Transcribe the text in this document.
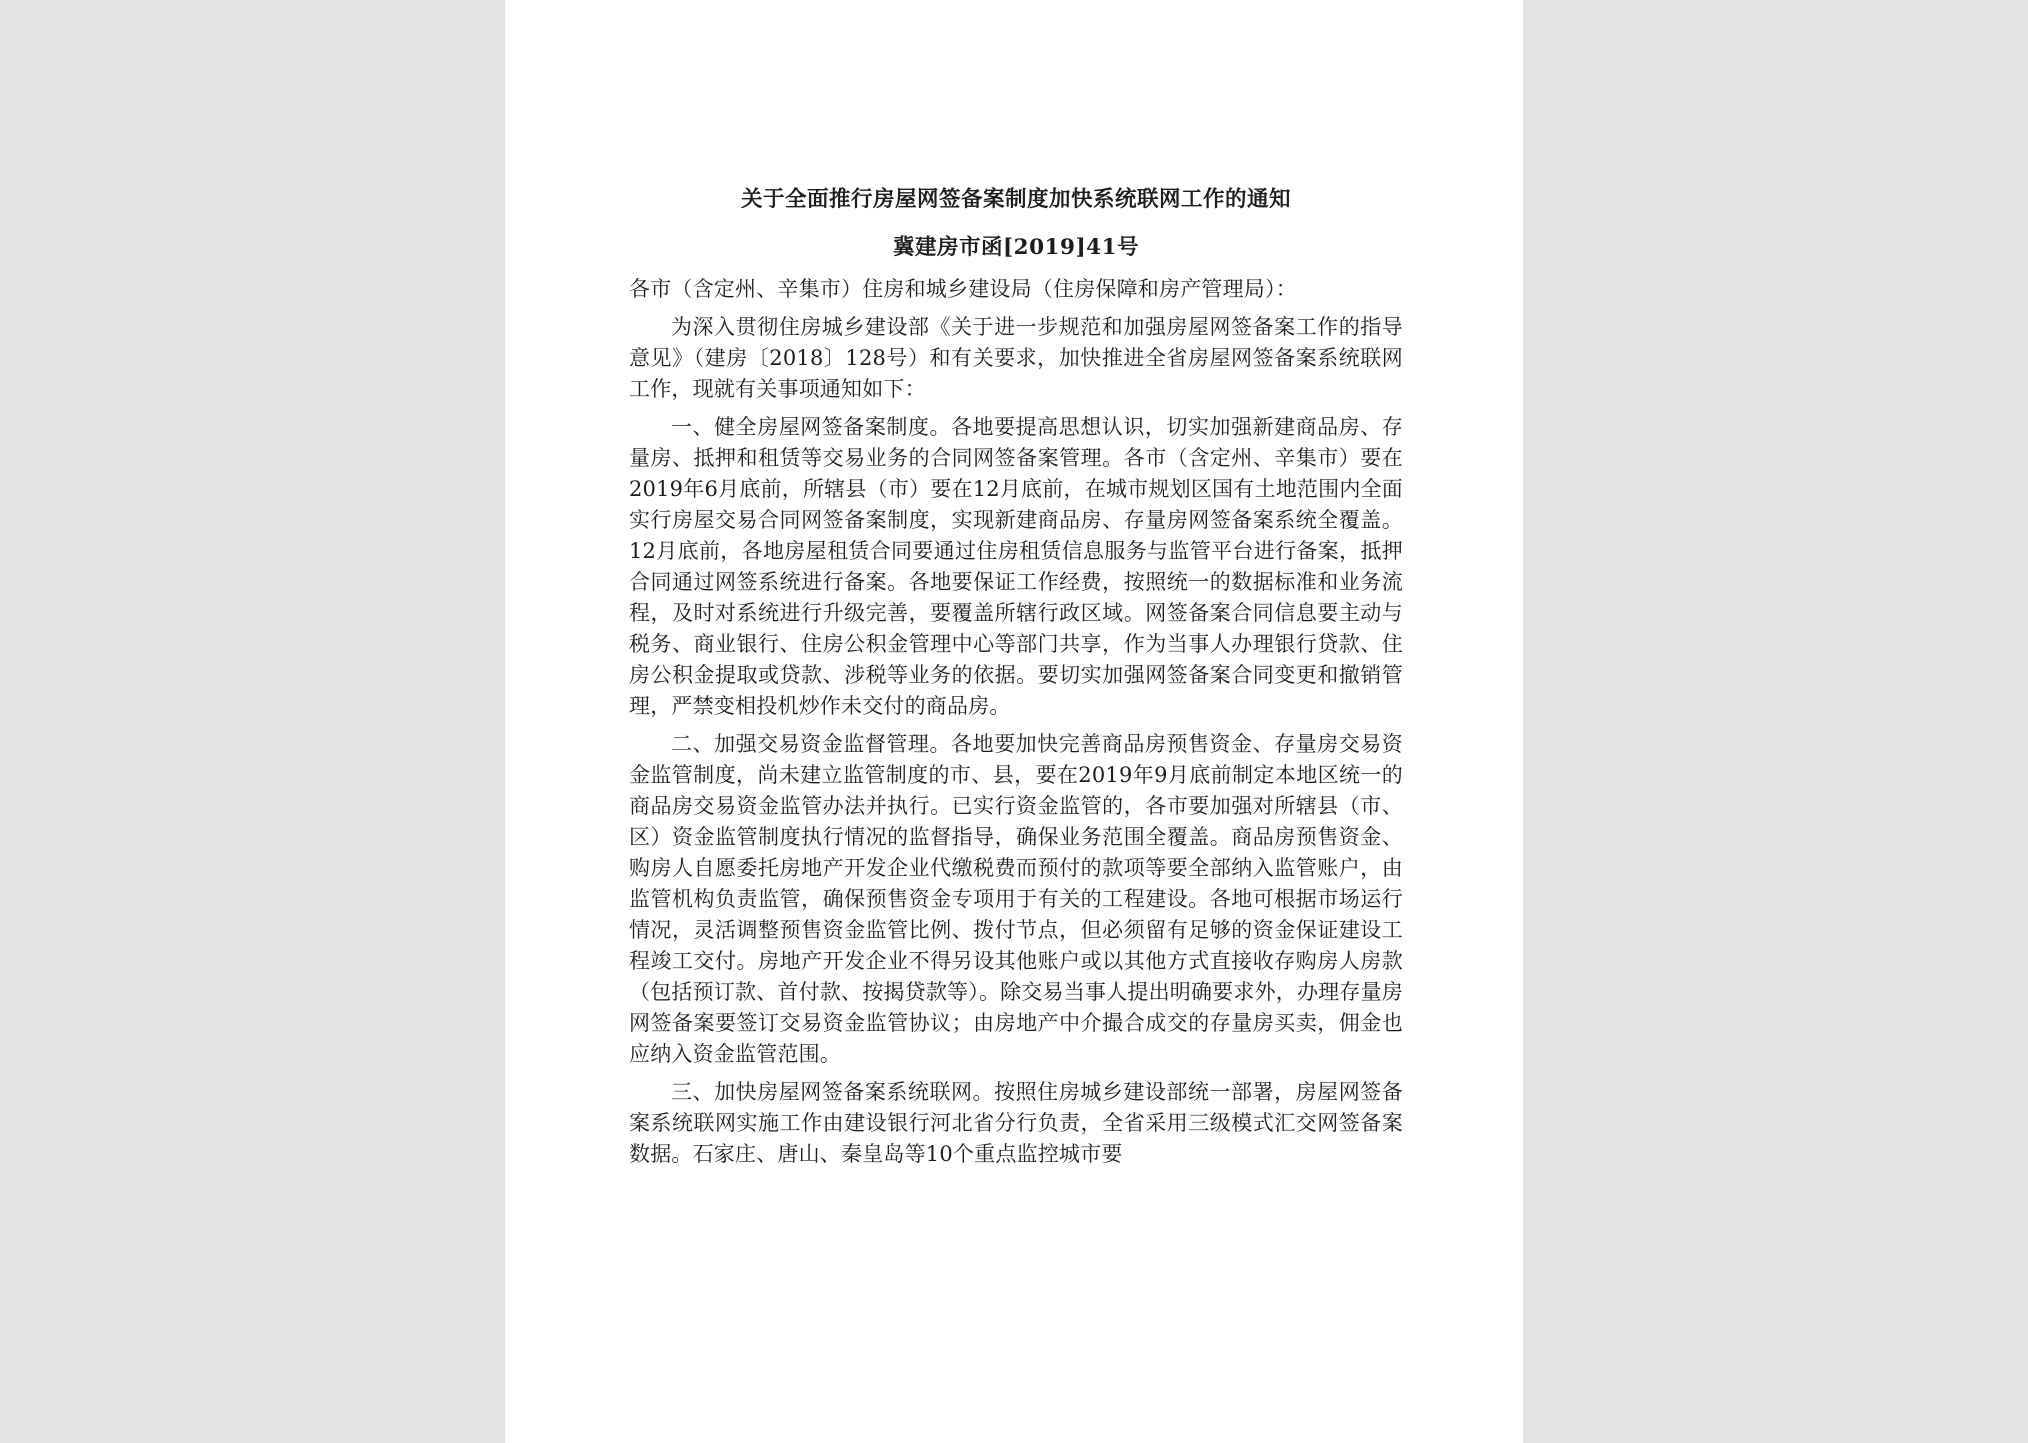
关于全面推行房屋网签备案制度加快系统联网工作的通知
冀建房市函[2019]41号
各市（含定州、辛集市）住房和城乡建设局（住房保障和房产管理局）：
为深入贯彻住房城乡建设部《关于进一步规范和加强房屋网签备案工作的指导意见》（建房〔2018〕128号）和有关要求，加快推进全省房屋网签备案系统联网工作，现就有关事项通知如下：
一、健全房屋网签备案制度。各地要提高思想认识，切实加强新建商品房、存量房、抵押和租赁等交易业务的合同网签备案管理。各市（含定州、辛集市）要在2019年6月底前，所辖县（市）要在12月底前，在城市规划区国有土地范围内全面实行房屋交易合同网签备案制度，实现新建商品房、存量房网签备案系统全覆盖。12月底前，各地房屋租赁合同要通过住房租赁信息服务与监管平台进行备案，抵押合同通过网签系统进行备案。各地要保证工作经费，按照统一的数据标准和业务流程，及时对系统进行升级完善，要覆盖所辖行政区域。网签备案合同信息要主动与税务、商业银行、住房公积金管理中心等部门共享，作为当事人办理银行贷款、住房公积金提取或贷款、涉税等业务的依据。要切实加强网签备案合同变更和撤销管理，严禁变相投机炒作未交付的商品房。
二、加强交易资金监督管理。各地要加快完善商品房预售资金、存量房交易资金监管制度，尚未建立监管制度的市、县，要在2019年9月底前制定本地区统一的商品房交易资金监管办法并执行。已实行资金监管的，各市要加强对所辖县（市、区）资金监管制度执行情况的监督指导，确保业务范围全覆盖。商品房预售资金、购房人自愿委托房地产开发企业代缴税费而预付的款项等要全部纳入监管账户，由监管机构负责监管，确保预售资金专项用于有关的工程建设。各地可根据市场运行情况，灵活调整预售资金监管比例、拨付节点，但必须留有足够的资金保证建设工程竣工交付。房地产开发企业不得另设其他账户或以其他方式直接收存购房人房款（包括预订款、首付款、按揭贷款等）。除交易当事人提出明确要求外，办理存量房网签备案要签订交易资金监管协议；由房地产中介撮合成交的存量房买卖，佣金也应纳入资金监管范围。
三、加快房屋网签备案系统联网。按照住房城乡建设部统一部署，房屋网签备案系统联网实施工作由建设银行河北省分行负责，全省采用三级模式汇交网签备案数据。石家庄、唐山、秦皇岛等10个重点监控城市要
